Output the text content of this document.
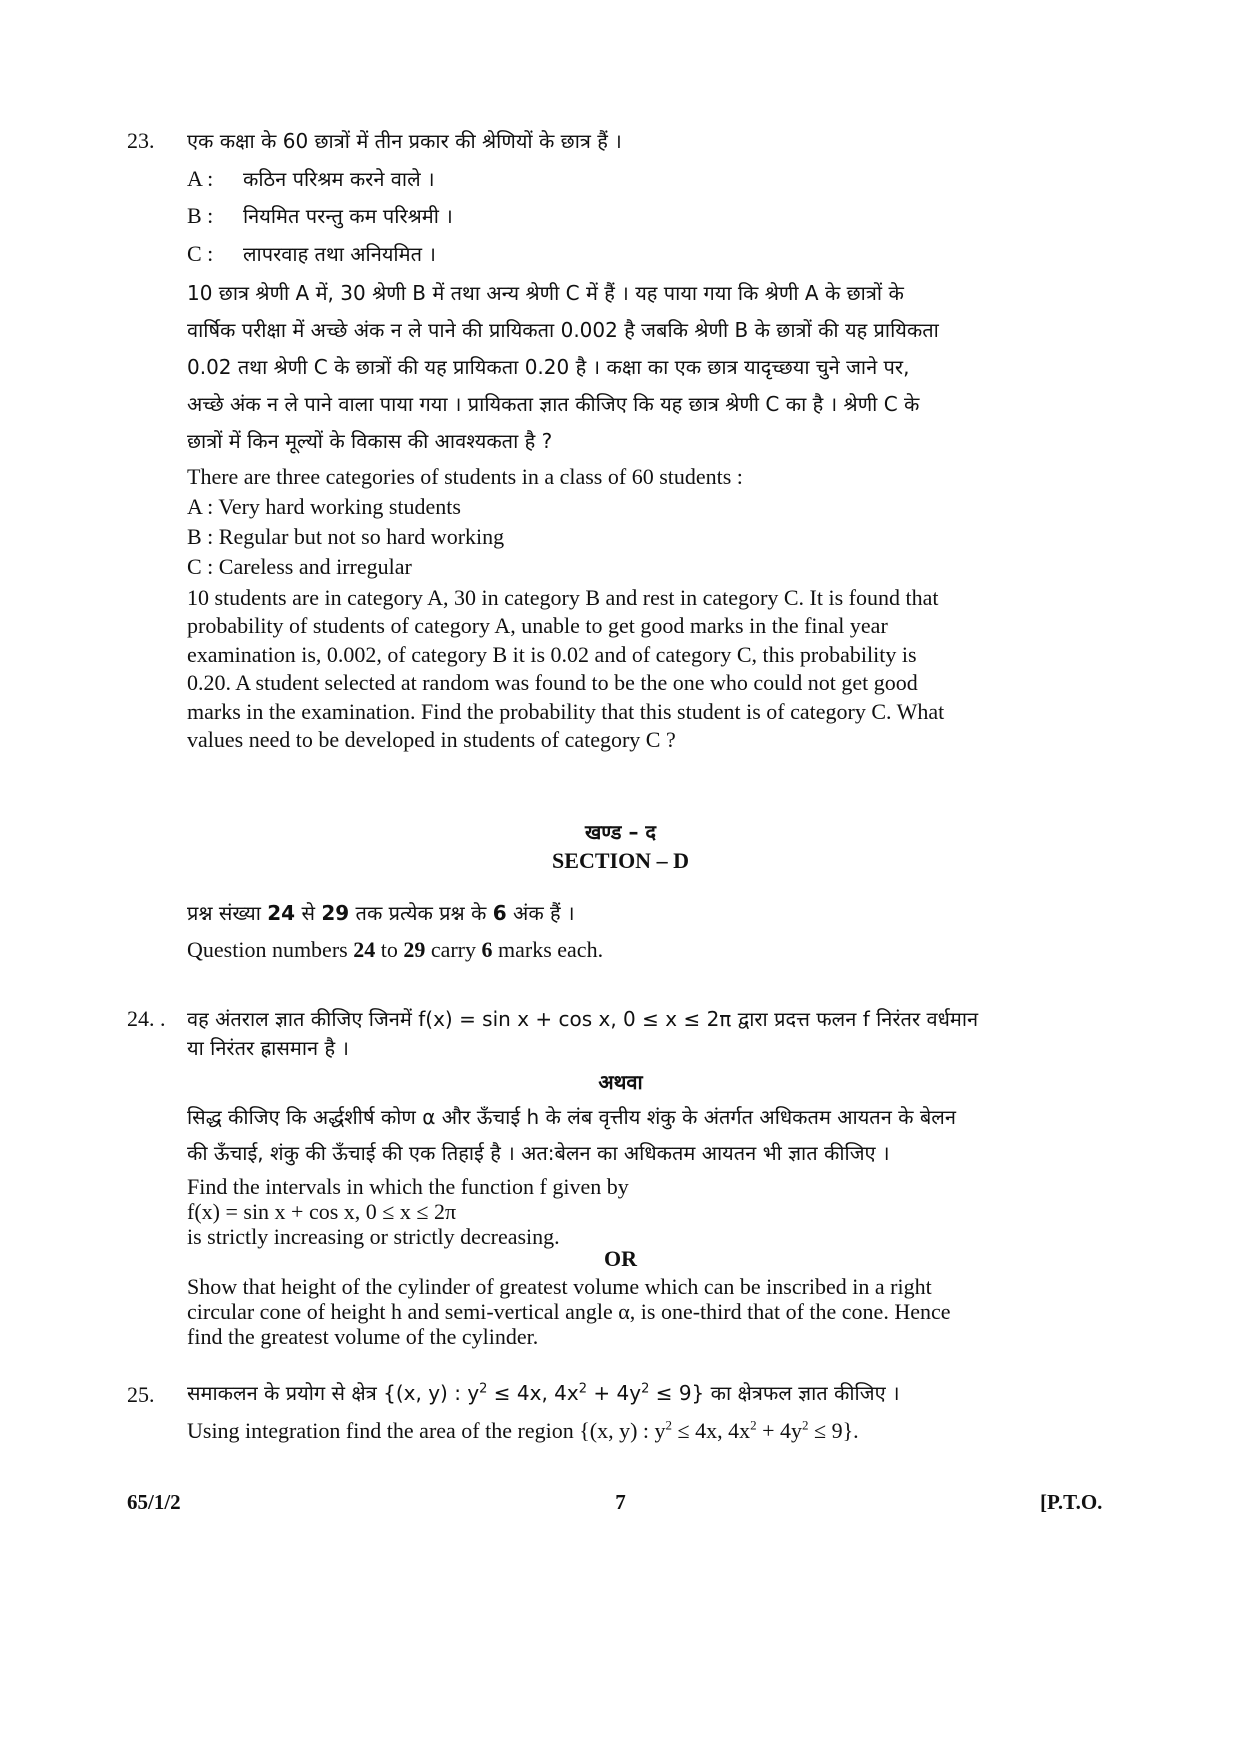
23. एक कक्षा के 60 छात्रों में तीन प्रकार की श्रेणियों के छात्र हैं ।
A : कठिन परिश्रम करने वाले ।
B : नियमित परन्तु कम परिश्रमी ।
C : लापरवाह तथा अनियमित ।
10 छात्र श्रेणी A में, 30 श्रेणी B में तथा अन्य श्रेणी C में हैं । यह पाया गया कि श्रेणी A के छात्रों के
वार्षिक परीक्षा में अच्छे अंक न ले पाने की प्रायिकता 0.002 है जबकि श्रेणी B के छात्रों की यह प्रायिकता
0.02 तथा श्रेणी C के छात्रों की यह प्रायिकता 0.20 है । कक्षा का एक छात्र यादृच्छया चुने जाने पर,
अच्छे अंक न ले पाने वाला पाया गया । प्रायिकता ज्ञात कीजिए कि यह छात्र श्रेणी C का है । श्रेणी C के
छात्रों में किन मूल्यों के विकास की आवश्यकता है ?
There are three categories of students in a class of 60 students :
A : Very hard working students
B : Regular but not so hard working
C : Careless and irregular
10 students are in category A, 30 in category B and rest in category C. It is found that
probability of students of category A, unable to get good marks in the final year
examination is, 0.002, of category B it is 0.02 and of category C, this probability is
0.20. A student selected at random was found to be the one who could not get good
marks in the examination. Find the probability that this student is of category C. What
values need to be developed in students of category C ?
खण्ड – द
SECTION – D
प्रश्न संख्या 24 से 29 तक प्रत्येक प्रश्न के 6 अंक हैं ।
Question numbers 24 to 29 carry 6 marks each.
24. . वह अंतराल ज्ञात कीजिए जिनमें f(x) = sin x + cos x, 0 ≤ x ≤ 2π द्वारा प्रदत्त फलन f निरंतर वर्धमान
या निरंतर ह्रासमान है ।
अथवा
सिद्ध कीजिए कि अर्द्धशीर्ष कोण α और ऊँचाई h के लंब वृत्तीय शंकु के अंतर्गत अधिकतम आयतन के बेलन
की ऊँचाई, शंकु की ऊँचाई की एक तिहाई है । अत:बेलन का अधिकतम आयतन भी ज्ञात कीजिए ।
Find the intervals in which the function f given by
f(x) = sin x + cos x, 0 ≤ x ≤ 2π
is strictly increasing or strictly decreasing.
OR
Show that height of the cylinder of greatest volume which can be inscribed in a right
circular cone of height h and semi-vertical angle α, is one-third that of the cone. Hence
find the greatest volume of the cylinder.
25. समाकलन के प्रयोग से क्षेत्र {(x, y) : $y^2 \le 4x$, $4x^2 + 4y^2 \le 9$} का क्षेत्रफल ज्ञात कीजिए ।
Using integration find the area of the region {(x, y) : $y^2 \le 4x$, $4x^2 + 4y^2 \le 9$}.
65/1/2	7	[P.T.O.
